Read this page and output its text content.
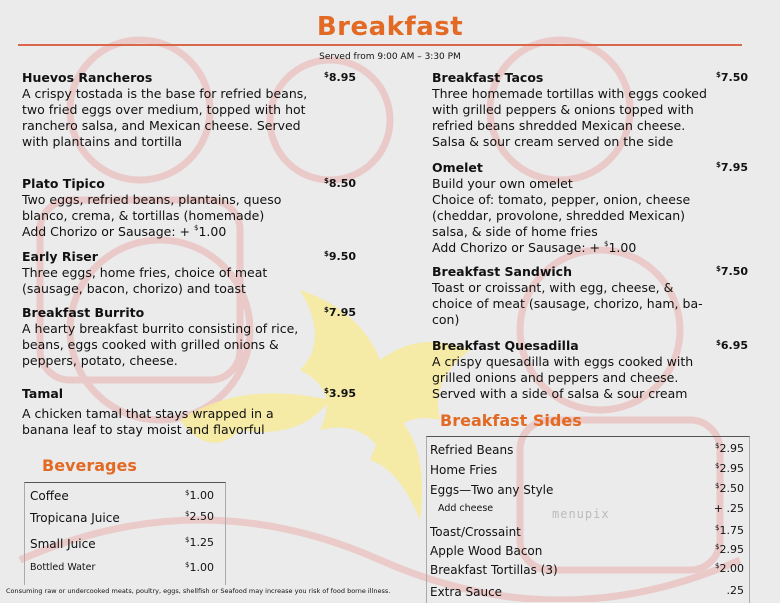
Breakfast
Served from 9:00 AM – 3:30 PM
Huevos Rancheros
A crispy tostada is the base for refried beans, two fried eggs over medium, topped with hot ranchero salsa, and Mexican cheese. Served with plantains and tortilla
$8.95
Plato Tipico
Two eggs, refried beans, plantains, queso blanco, crema, & tortillas (homemade)
Add Chorizo or Sausage: + $1.00
$8.50
Early Riser
Three eggs, home fries, choice of meat (sausage, bacon, chorizo) and toast
$9.50
Breakfast Burrito
A hearty breakfast burrito consisting of rice, beans, eggs cooked with grilled onions & peppers, potato, cheese.
$7.95
Tamal
A chicken tamal that stays wrapped in a banana leaf to stay moist and flavorful
$3.95
Breakfast Tacos
Three homemade tortillas with eggs cooked with grilled peppers & onions topped with refried beans shredded Mexican cheese. Salsa & sour cream served on the side
$7.50
Omelet
Build your own omelet
Choice of: tomato, pepper, onion, cheese (cheddar, provolone, shredded Mexican) salsa, & side of home fries
Add Chorizo or Sausage: + $1.00
$7.95
Breakfast Sandwich
Toast or croissant, with egg, cheese, & choice of meat (sausage, chorizo, ham, ba-con)
$7.50
Breakfast Quesadilla
A crispy quesadilla with eggs cooked with grilled onions and peppers and cheese. Served with a side of salsa & sour cream
$6.95
Beverages
Coffee	$1.00
Tropicana Juice	$2.50
Small Juice	$1.25
Bottled Water	$1.00
Breakfast Sides
Refried Beans	$2.95
Home Fries	$2.95
Eggs—Two any Style	$2.50
Add cheese	+ .25
Toast/Crossaint	$1.75
Apple Wood Bacon	$2.95
Breakfast Tortillas (3)	$2.00
Extra Sauce	.25
menupix
Consuming raw or undercooked meats, poultry, eggs, shellfish or Seafood may increase you risk of food borne illness.
